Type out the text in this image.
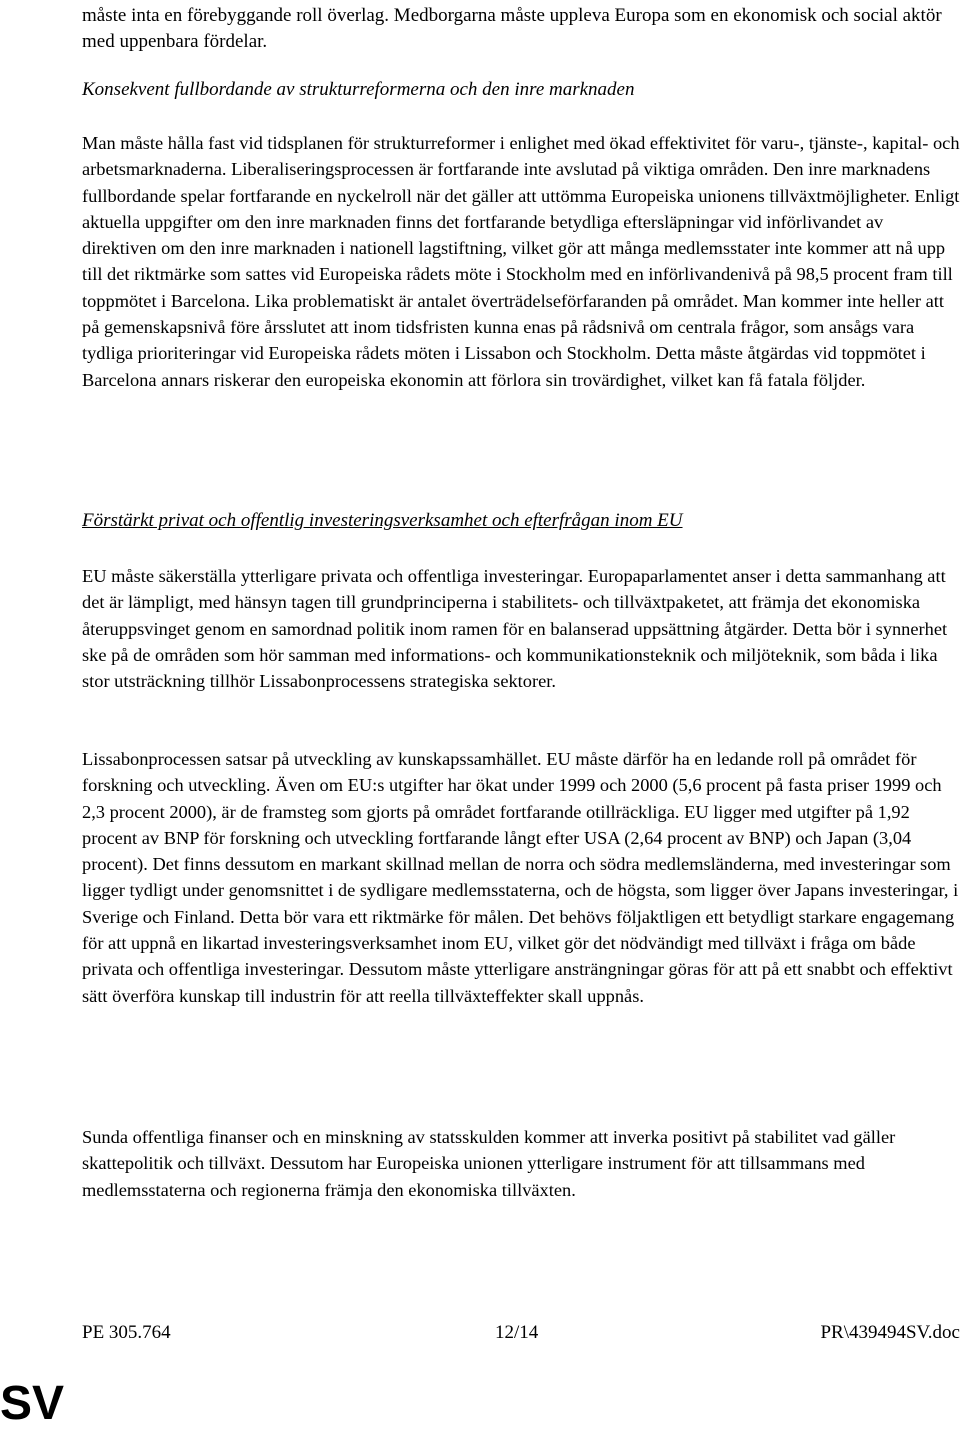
måste inta en förebyggande roll överlag. Medborgarna måste uppleva Europa som en ekonomisk och social aktör med uppenbara fördelar.

Konsekvent fullbordande av strukturreformerna och den inre marknaden

Man måste hålla fast vid tidsplanen för strukturreformer i enlighet med ökad effektivitet för varu-, tjänste-, kapital- och arbetsmarknaderna. Liberaliseringsprocessen är fortfarande inte avslutad på viktiga områden. Den inre marknadens fullbordande spelar fortfarande en nyckelroll när det gäller att uttömma Europeiska unionens tillväxtmöjligheter. Enligt aktuella uppgifter om den inre marknaden finns det fortfarande betydliga eftersläpningar vid införlivandet av direktiven om den inre marknaden i nationell lagstiftning, vilket gör att många medlemsstater inte kommer att nå upp till det riktmärke som sattes vid Europeiska rådets möte i Stockholm med en införlivandenivå på 98,5 procent fram till toppmötet i Barcelona. Lika problematiskt är antalet överträdelseförfaranden på området. Man kommer inte heller att på gemenskapsnivå före årsslutet att inom tidsfristen kunna enas på rådsnivå om centrala frågor, som ansågs vara tydliga prioriteringar vid Europeiska rådets möten i Lissabon och Stockholm. Detta måste åtgärdas vid toppmötet i Barcelona annars riskerar den europeiska ekonomin att förlora sin trovärdighet, vilket kan få fatala följder.

Förstärkt privat och offentlig investeringsverksamhet och efterfrågan inom EU

EU måste säkerställa ytterligare privata och offentliga investeringar. Europaparlamentet anser i detta sammanhang att det är lämpligt, med hänsyn tagen till grundprinciperna i stabilitets- och tillväxtpaketet, att främja det ekonomiska återuppsvinget genom en samordnad politik inom ramen för en balanserad uppsättning åtgärder. Detta bör i synnerhet ske på de områden som hör samman med informations- och kommunikationsteknik och miljöteknik, som båda i lika stor utsträckning tillhör Lissabonprocessens strategiska sektorer.

Lissabonprocessen satsar på utveckling av kunskapssamhället. EU måste därför ha en ledande roll på området för forskning och utveckling. Även om EU:s utgifter har ökat under 1999 och 2000 (5,6 procent på fasta priser 1999 och 2,3 procent 2000), är de framsteg som gjorts på området fortfarande otillräckliga. EU ligger med utgifter på 1,92 procent av BNP för forskning och utveckling fortfarande långt efter USA (2,64 procent av BNP) och Japan (3,04 procent). Det finns dessutom en markant skillnad mellan de norra och södra medlemsländerna, med investeringar som ligger tydligt under genomsnittet i de sydligare medlemsstaterna, och de högsta, som ligger över Japans investeringar, i Sverige och Finland. Detta bör vara ett riktmärke för målen. Det behövs följaktligen ett betydligt starkare engagemang för att uppnå en likartad investeringsverksamhet inom EU, vilket gör det nödvändigt med tillväxt i fråga om både privata och offentliga investeringar. Dessutom måste ytterligare ansträngningar göras för att på ett snabbt och effektivt sätt överföra kunskap till industrin för att reella tillväxteffekter skall uppnås.

Sunda offentliga finanser och en minskning av statsskulden kommer att inverka positivt på stabilitet vad gäller skattepolitik och tillväxt. Dessutom har Europeiska unionen ytterligare instrument för att tillsammans med medlemsstaterna och regionerna främja den ekonomiska tillväxten.

PE 305.764	12/14	PR\439494SV.doc
SV
